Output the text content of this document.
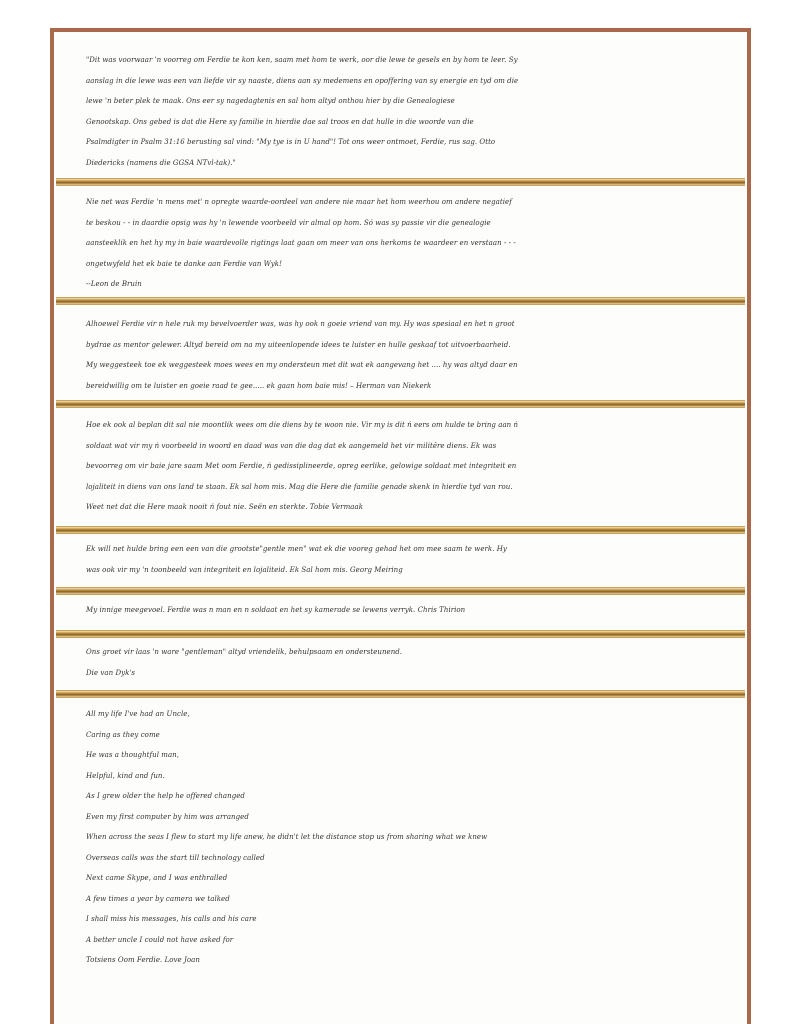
"Dit was voorwaar 'n voorreg om Ferdie te kon ken, saam met hom te werk, oor die lewe te gesels en by hom te leer. Sy

aanslag in die lewe was een van liefde vir sy naaste, diens aan sy medemens en opoffering van sy energie en tyd om die

lewe 'n beter plek te maak. Ons eer sy nagedagtenis en sal hom altyd onthou hier by die Genealogiese

Genootskap. Ons gebed is dat die Here sy familie in hierdie dae sal troos en dat hulle in die woorde van die

Psalmdigter in Psalm 31:16 berusting sal vind: "My tye is in U hand"! Tot ons weer ontmoet, Ferdie, rus sag. Otto

Diedericks (namens die GGSA NTvl-tak)."

Nie net was Ferdie 'n mens met' n opregte waarde-oordeel van andere nie maar het hom weerhou om andere negatief

te beskou - - in daardie opsig was hy 'n lewende voorbeeld vir almal op hom. Só was sy passie vir die genealogie

aansteeklik en het hy my in baie waardevolle rigtings laat gaan om meer van ons herkoms te waardeer en verstaan - - -

ongetwyfeld het ek baie te danke aan Ferdie van Wyk!

--Leon de Bruin

Alhoewel Ferdie vir n hele ruk my bevelvoerder was, was hy ook n goeie vriend van my. Hy was spesiaal en het n groot

bydrae as mentor gelewer. Altyd bereid om na my uiteenlopende idees te luister en hulle geskaaf tot uitvoerbaarheid.

My weggesteek toe ek weggesteek moes wees en my ondersteun met dit wat ek aangevang het .... hy was altyd daar en

bereidwillig om te luister en goeie raad te gee..... ek gaan hom baie mis! – Herman van Niekerk

Hoe ek ook al beplan dit sal nie moontlik wees om die diens by te woon nie. Vir my is dit ń eers om hulde te bring aan ń

soldaat wat vir my ń voorbeeld in woord en daad was van die dag dat ek aangemeld het vir militêre diens. Ek was

bevoorreg om vir baie jare saam Met oom Ferdie, ń gedissiplineerde, opreg eerlike, gelowige soldaat met integriteit en

lojaliteit in diens van ons land te staan. Ek sal hom mis. Mag die Here die familie genade skenk in hierdie tyd van rou.

Weet net dat die Here maak nooit ń fout nie. Seën en sterkte. Tobie Vermaak

Ek will net hulde bring een een van die grootste"gentle men" wat ek die vooreg gehad het om mee saam te werk. Hy

was ook vir my 'n toonbeeld van integriteit en lojaliteid. Ek Sal hom mis. Georg Meiring

My innige meegevoel. Ferdie was n man en n soldaat en het sy kamerade se lewens verryk. Chris Thirion

Ons groet vir laas 'n ware "gentleman" altyd vriendelik, behulpsaam en ondersteunend.

Die van Dyk's

All my life I've had an Uncle,

Caring as they come

He was a thoughtful man,

Helpful, kind and fun.

As I grew older the help he offered changed

Even my first computer by him was arranged

When across the seas I flew to start my life anew, he didn't let the distance stop us from sharing what we knew

Overseas calls was the start till technology called

Next came Skype, and I was enthralled

A few times a year by camera we talked

I shall miss his messages, his calls and his care

A better uncle I could not have asked for

Totsiens Oom Ferdie. Love Joan
